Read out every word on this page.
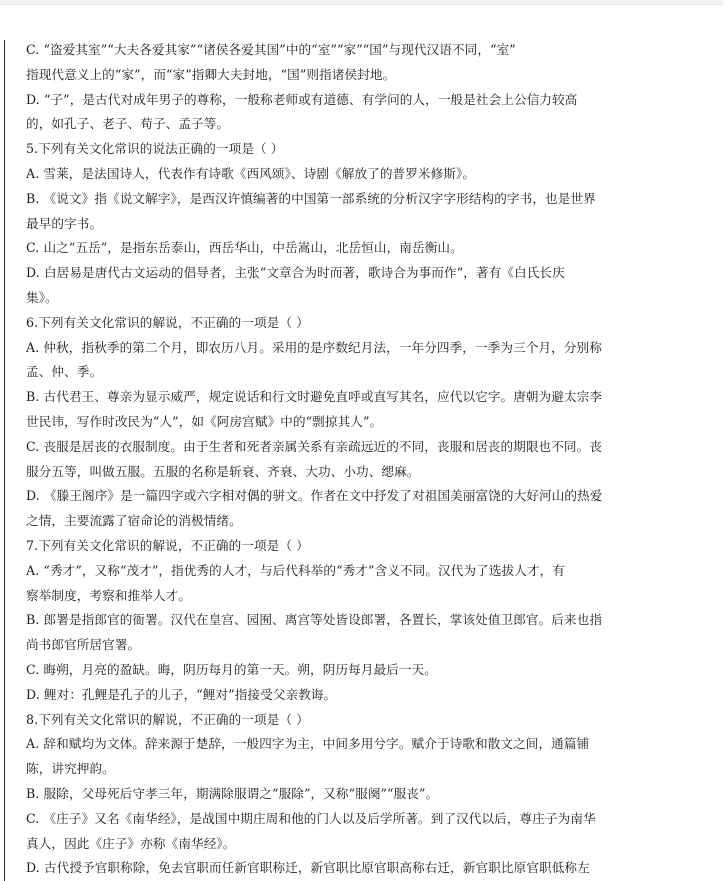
C. “盗爱其室”“大夫各爱其家”“诸侯各爱其国”中的“室”“家”“国”与现代汉语不同，“室”
指现代意义上的“家”，而“家”指卿大夫封地，“国”则指诸侯封地。
D. “子”，是古代对成年男子的尊称，一般称老师或有道德、有学问的人，一般是社会上公信力较高
的，如孔子、老子、荀子、孟子等。
5.下列有关文化常识的说法正确的一项是（ ）
A. 雪莱，是法国诗人，代表作有诗歌《西风颂》、诗剧《解放了的普罗米修斯》。
B. 《说文》指《说文解字》，是西汉许慎编著的中国第一部系统的分析汉字字形结构的字书，也是世界
最早的字书。
C. 山之“五岳”，是指东岳泰山，西岳华山，中岳嵩山，北岳恒山，南岳衡山。
D. 白居易是唐代古文运动的倡导者，主张“文章合为时而著，歌诗合为事而作”，著有《白氏长庆
集》。
6.下列有关文化常识的解说，不正确的一项是（ ）
A. 仲秋，指秋季的第二个月，即农历八月。采用的是序数纪月法，一年分四季，一季为三个月，分别称
孟、仲、季。
B. 古代君王、尊亲为显示威严，规定说话和行文时避免直呼或直写其名，应代以它字。唐朝为避太宗李
世民讳，写作时改民为“人”，如《阿房宫赋》中的“剽掠其人”。
C. 丧服是居丧的衣服制度。由于生者和死者亲属关系有亲疏远近的不同，丧服和居丧的期限也不同。丧
服分五等，叫做五服。五服的名称是斩衰、齐衰、大功、小功、缌麻。
D. 《滕王阁序》是一篇四字或六字相对偶的骈文。作者在文中抒发了对祖国美丽富饶的大好河山的热爱
之情，主要流露了宿命论的消极情绪。
7.下列有关文化常识的解说，不正确的一项是（ ）
A. “秀才”，又称“茂才”，指优秀的人才，与后代科举的“秀才”含义不同。汉代为了选拔人才，有
察举制度，考察和推举人才。
B. 郎署是指郎官的衙署。汉代在皇宫、园囿、离宫等处皆设郎署，各置长，掌该处值卫郎官。后来也指
尚书郎官所居官署。
C. 晦朔，月亮的盈缺。晦，阴历每月的第一天。朔，阴历每月最后一天。
D. 鲤对：孔鲤是孔子的儿子，“鲤对”指接受父亲教诲。
8.下列有关文化常识的解说，不正确的一项是（ ）
A. 辞和赋均为文体。辞来源于楚辞，一般四字为主，中间多用兮字。赋介于诗歌和散文之间，通篇铺
陈，讲究押韵。
B. 服除，父母死后守孝三年，期满除服谓之“服除”，又称“服阕”“服丧”。
C. 《庄子》又名《南华经》，是战国中期庄周和他的门人以及后学所著。到了汉代以后，尊庄子为南华
真人，因此《庄子》亦称《南华经》。
D. 古代授予官职称除，免去官职而任新官职称迁，新官职比原官职高称右迁，新官职比原官职低称左
